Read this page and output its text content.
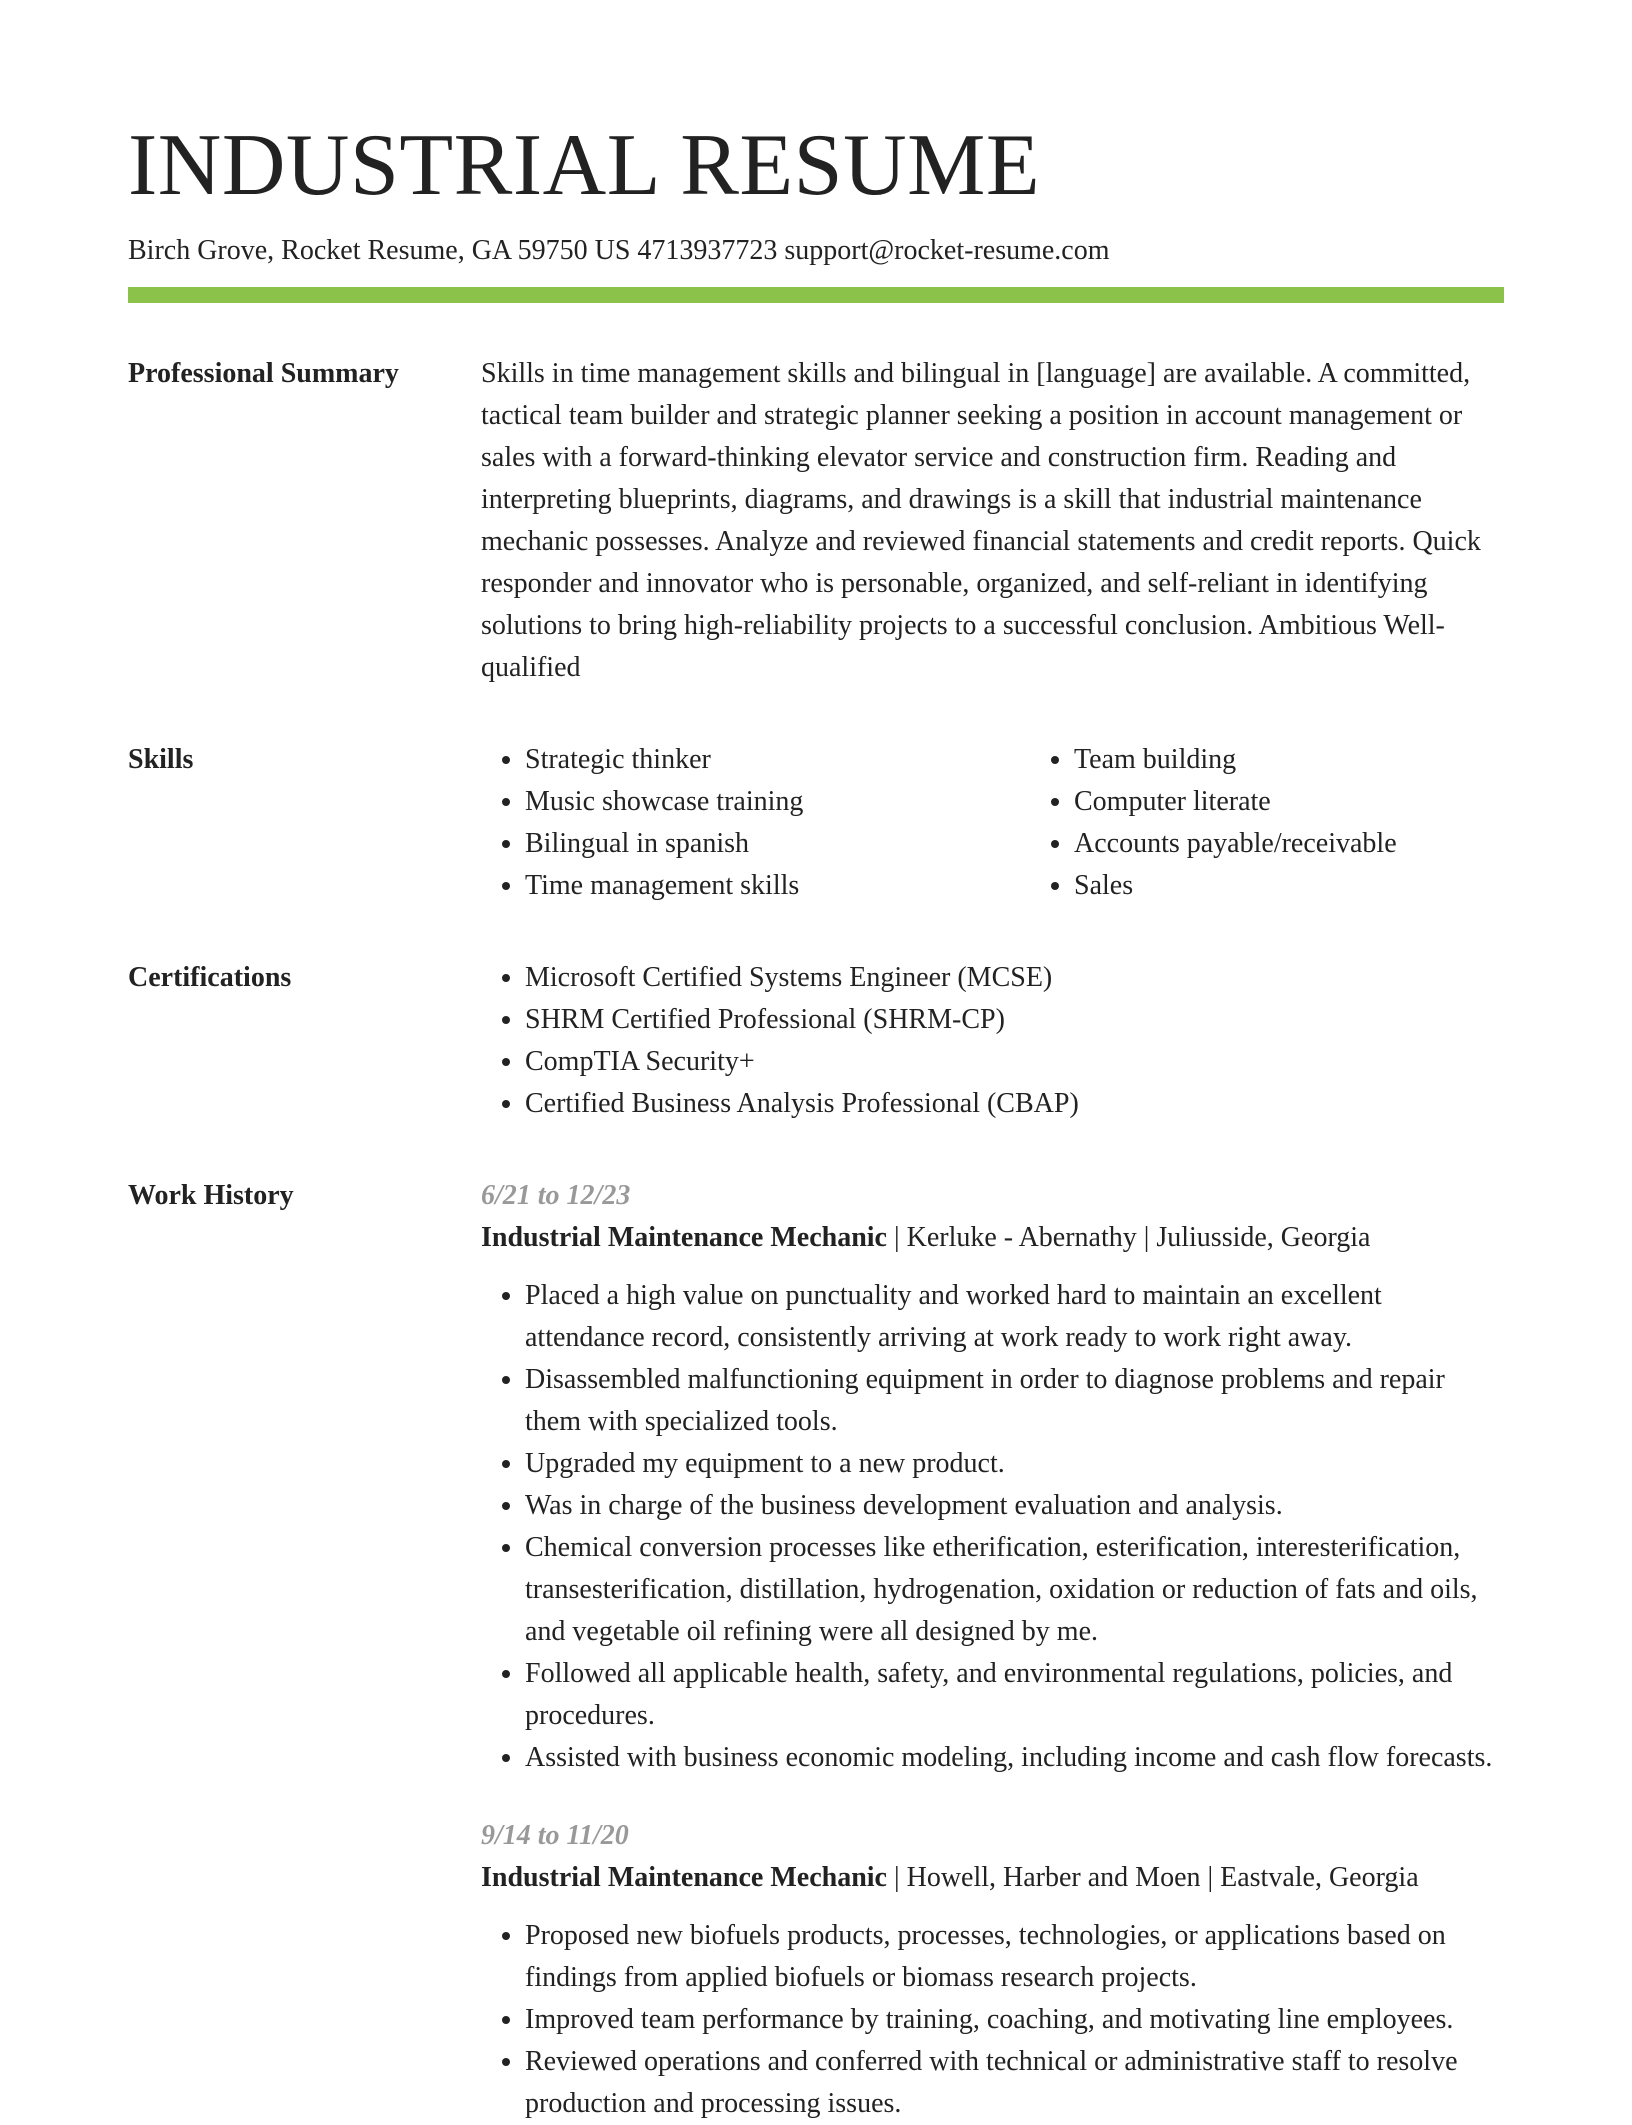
INDUSTRIAL RESUME
Birch Grove, Rocket Resume, GA 59750 US 4713937723 support@rocket-resume.com
Professional Summary	Skills in time management skills and bilingual in [language] are available. A committed, tactical team builder and strategic planner seeking a position in account management or sales with a forward-thinking elevator service and construction firm. Reading and interpreting blueprints, diagrams, and drawings is a skill that industrial maintenance mechanic possesses. Analyze and reviewed financial statements and credit reports. Quick responder and innovator who is personable, organized, and self-reliant in identifying solutions to bring high-reliability projects to a successful conclusion. Ambitious Well-qualified
Skills	• Strategic thinker
• Music showcase training
• Bilingual in spanish
• Time management skills
• Team building
• Computer literate
• Accounts payable/receivable
• Sales
Certifications	• Microsoft Certified Systems Engineer (MCSE)
• SHRM Certified Professional (SHRM-CP)
• CompTIA Security+
• Certified Business Analysis Professional (CBAP)
Work History	6/21 to 12/23
Industrial Maintenance Mechanic | Kerluke - Abernathy | Juliusside, Georgia
• Placed a high value on punctuality and worked hard to maintain an excellent attendance record, consistently arriving at work ready to work right away.
• Disassembled malfunctioning equipment in order to diagnose problems and repair them with specialized tools.
• Upgraded my equipment to a new product.
• Was in charge of the business development evaluation and analysis.
• Chemical conversion processes like etherification, esterification, interesterification, transesterification, distillation, hydrogenation, oxidation or reduction of fats and oils, and vegetable oil refining were all designed by me.
• Followed all applicable health, safety, and environmental regulations, policies, and procedures.
• Assisted with business economic modeling, including income and cash flow forecasts.
9/14 to 11/20
Industrial Maintenance Mechanic | Howell, Harber and Moen | Eastvale, Georgia
• Proposed new biofuels products, processes, technologies, or applications based on findings from applied biofuels or biomass research projects.
• Improved team performance by training, coaching, and motivating line employees.
• Reviewed operations and conferred with technical or administrative staff to resolve production and processing issues.
